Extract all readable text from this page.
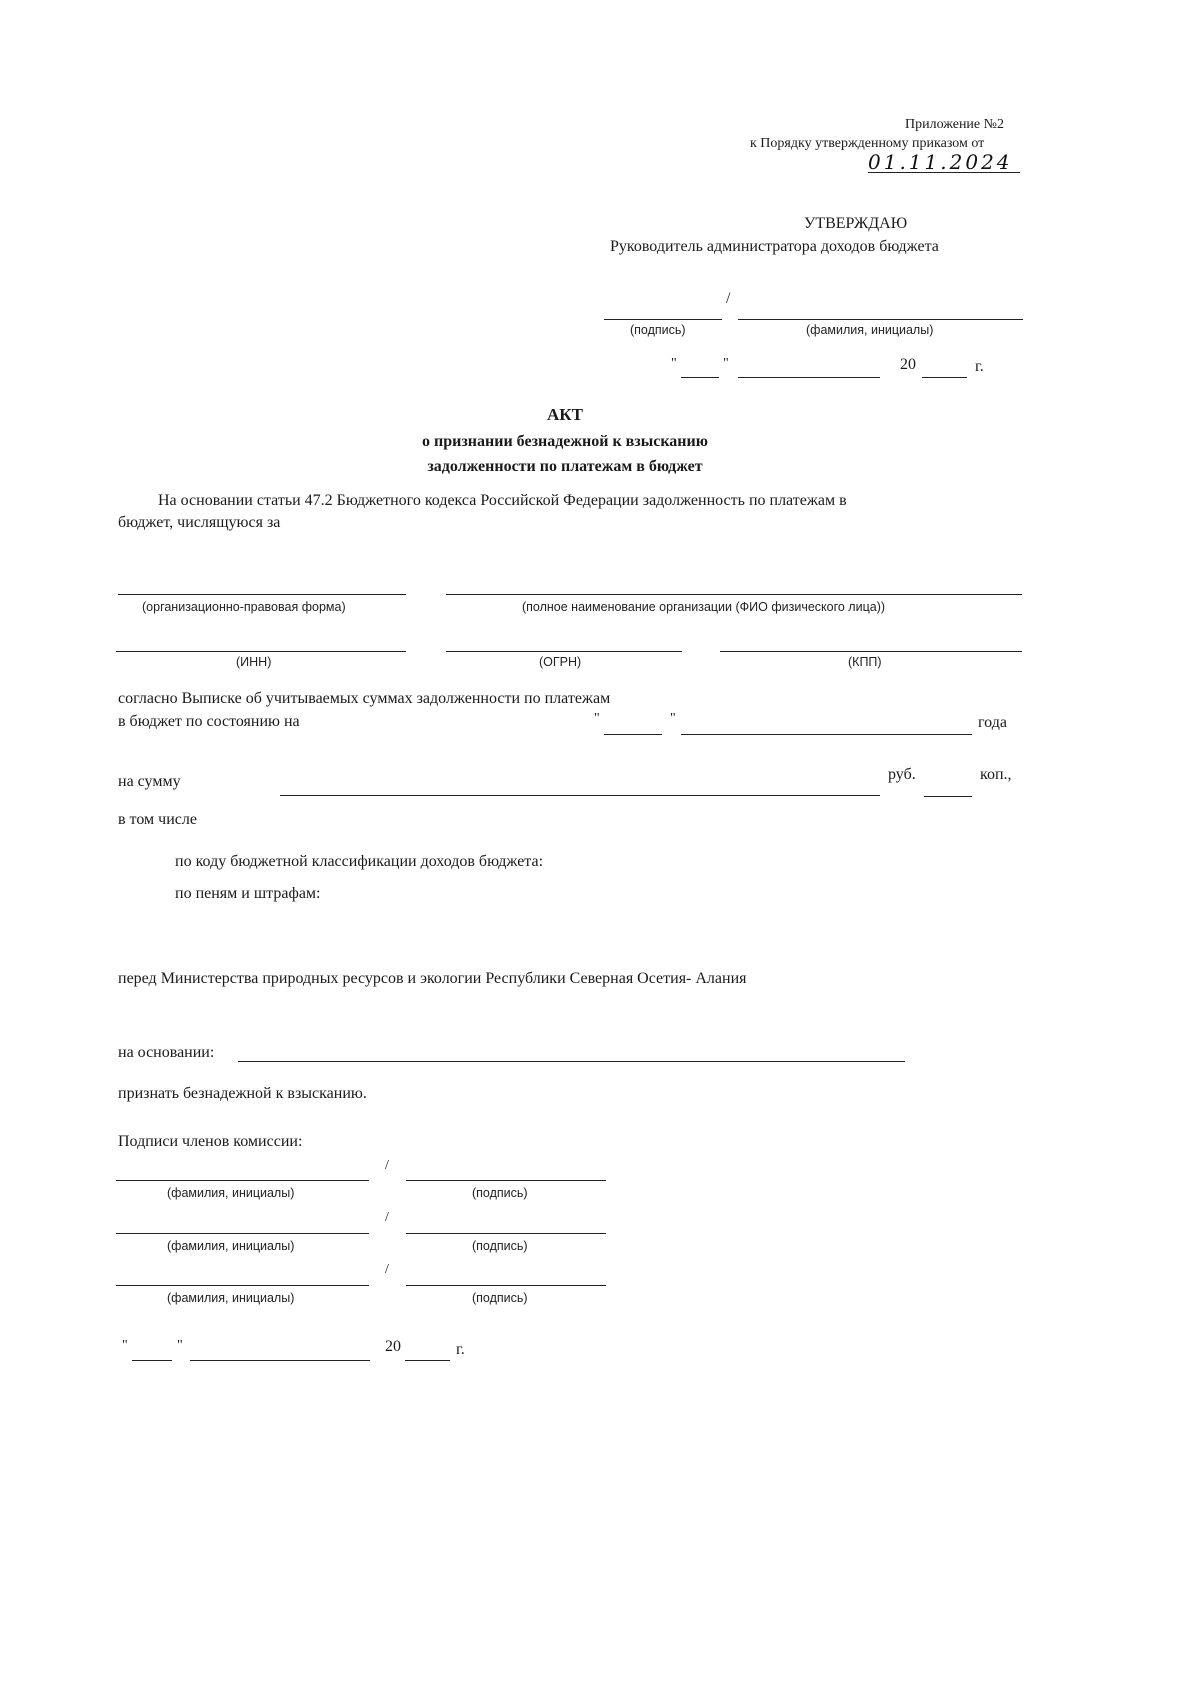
Приложение №2
к Порядку утвержденному приказом от
01.11.2024
УТВЕРЖДАЮ
Руководитель администратора доходов бюджета
/
(подпись)	(фамилия, инициалы)
"	"	20	г.
АКТ
о признании безнадежной к взысканию
задолженности по платежам в бюджет
На основании статьи 47.2 Бюджетного кодекса Российской Федерации задолженность по платежам в
бюджет, числящуюся за
(организационно-правовая форма)	(полное наименование организации (ФИО физического лица))
(ИНН)	(ОГРН)	(КПП)
согласно Выписке об учитываемых суммах задолженности по платежам
в бюджет по состоянию на	"	"	года
на сумму	руб.	коп.,
в том числе
по коду бюджетной классификации доходов бюджета:
по пеням и штрафам:
перед Министерства природных ресурсов и экологии Республики Северная Осетия- Алания
на основании:
признать безнадежной к взысканию.
Подписи членов комиссии:
/
(фамилия, инициалы)	(подпись)
/
(фамилия, инициалы)	(подпись)
/
(фамилия, инициалы)	(подпись)
"	"	20	г.
